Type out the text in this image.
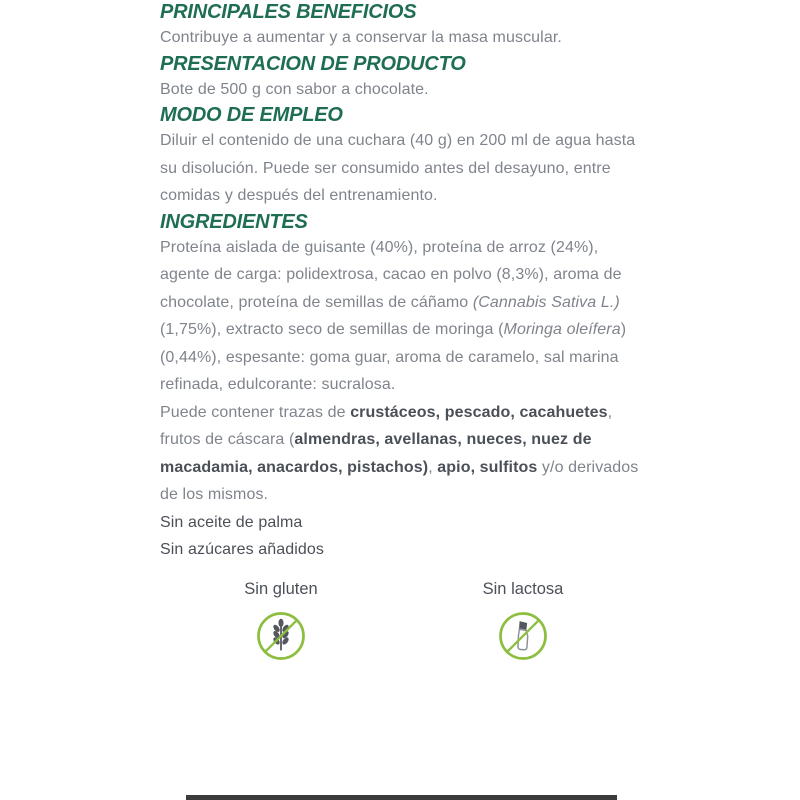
PRINCIPALES BENEFICIOS

Contribuye a aumentar y a conservar la masa muscular.

PRESENTACION DE PRODUCTO

Bote de 500 g con sabor a chocolate.

MODO DE EMPLEO

Diluir el contenido de una cuchara (40 g) en 200 ml de agua hasta su disolución. Puede ser consumido antes del desayuno, entre comidas y después del entrenamiento.

INGREDIENTES

Proteína aislada de guisante (40%), proteína de arroz (24%), agente de carga: polidextrosa, cacao en polvo (8,3%), aroma de chocolate, proteína de semillas de cáñamo (Cannabis Sativa L.) (1,75%), extracto seco de semillas de moringa (Moringa oleífera) (0,44%), espesante: goma guar, aroma de caramelo, sal marina refinada, edulcorante: sucralosa.

Puede contener trazas de crustáceos, pescado, cacahuetes, frutos de cáscara (almendras, avellanas, nueces, nuez de macadamia, anacardos, pistachos), apio, sulfitos y/o derivados de los mismos.

Sin aceite de palma

Sin azúcares añadidos

Sin gluten	Sin lactosa
